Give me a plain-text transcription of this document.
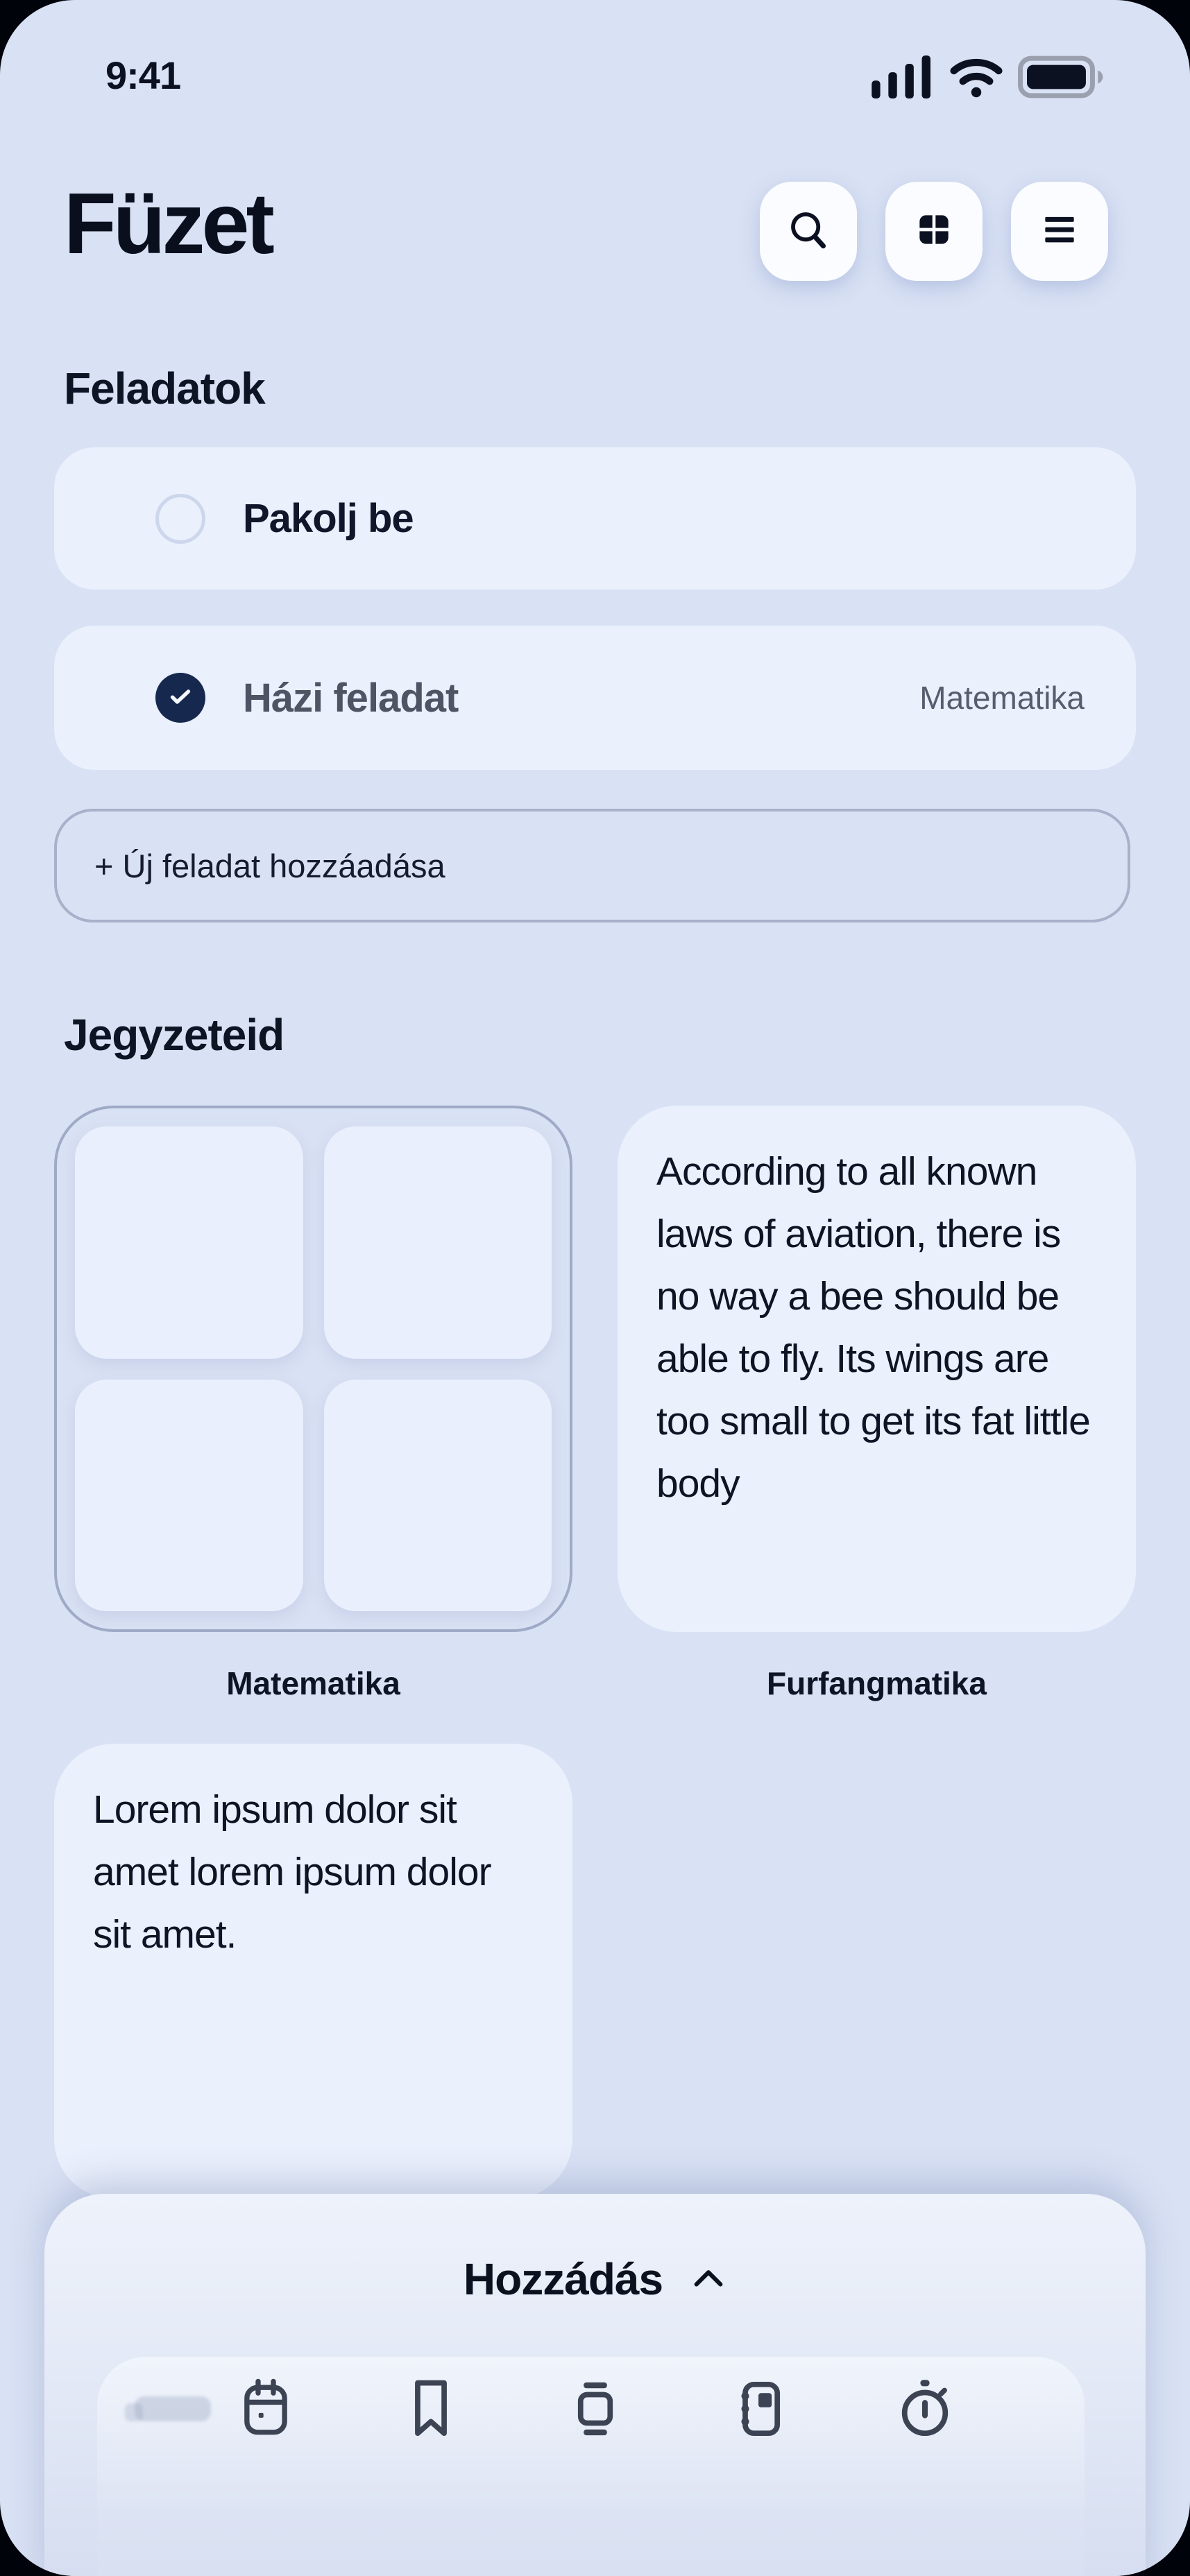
9:41
Füzet
Feladatok
Pakolj be
Házi feladat	Matematika
+ Új feladat hozzáadása
Jegyzeteid
Matematika
According to all known laws of aviation, there is no way a bee should be able to fly. Its wings are too small to get its fat little body
Furfangmatika
Lorem ipsum dolor sit amet lorem ipsum dolor sit amet.
Hozzádás
